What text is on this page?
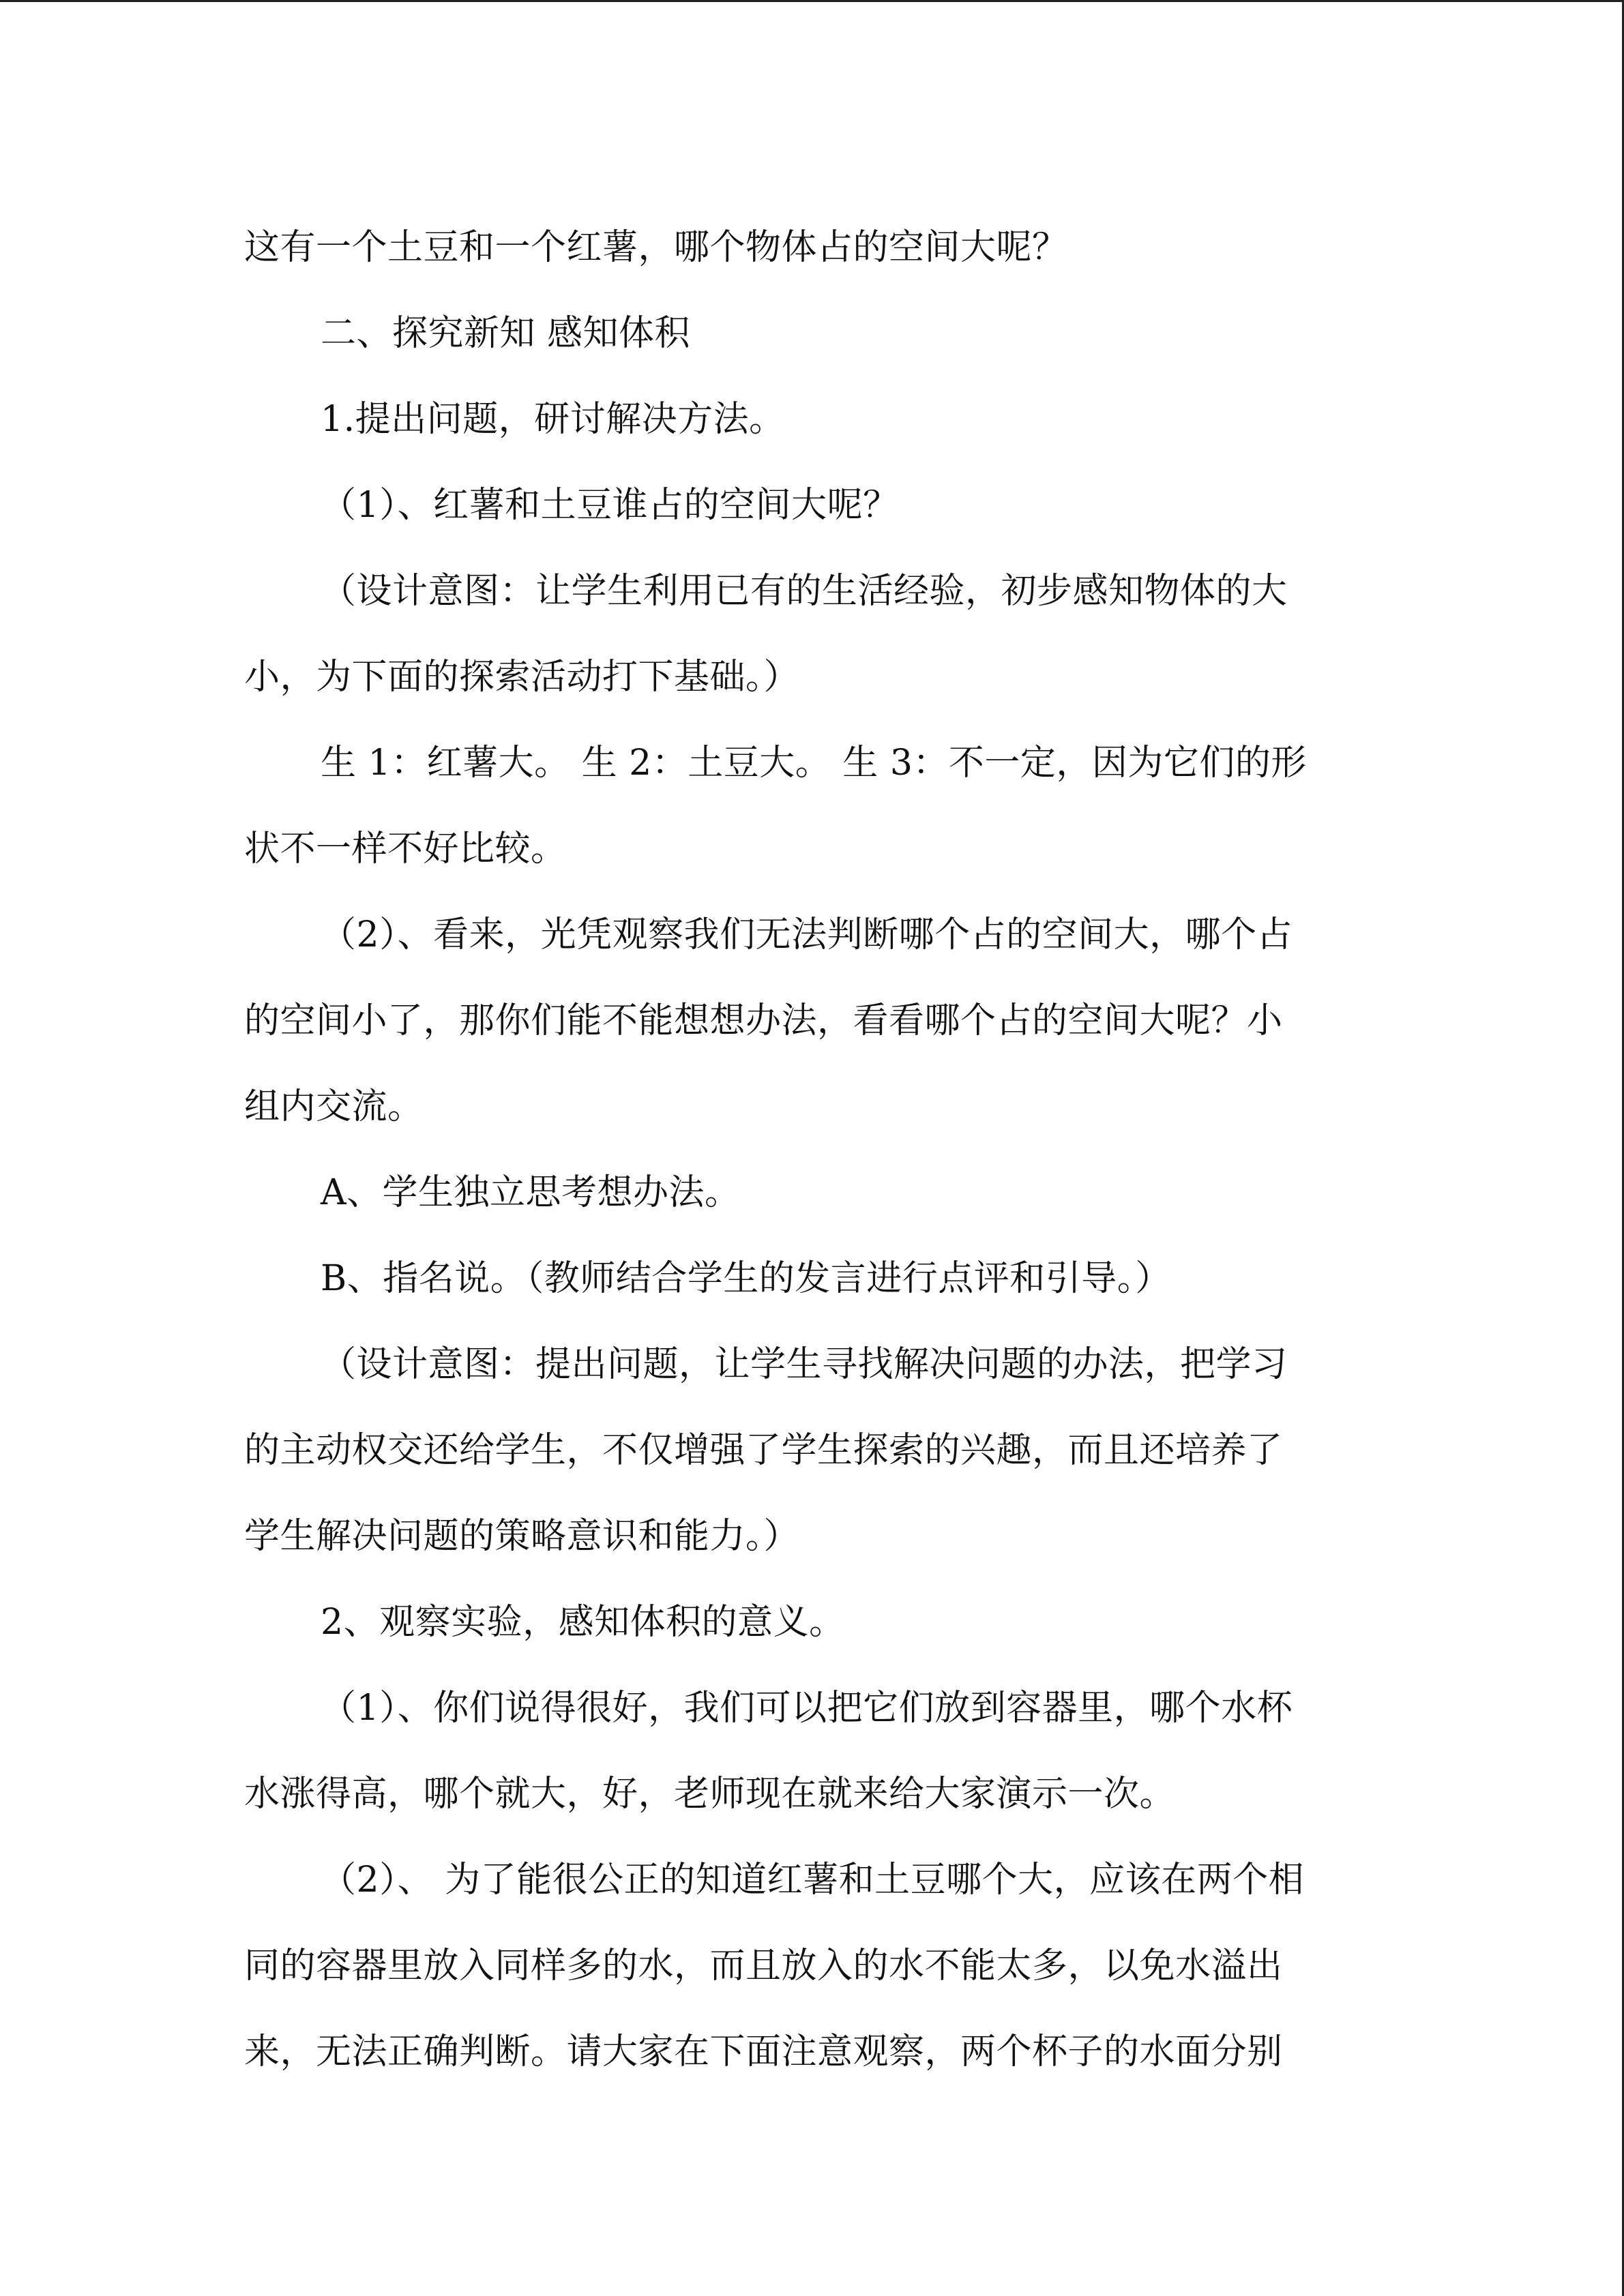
这有一个土豆和一个红薯，哪个物体占的空间大呢？
二、探究新知 感知体积
1.提出问题，研讨解决方法。
（1）、红薯和土豆谁占的空间大呢？
（设计意图：让学生利用已有的生活经验，初步感知物体的大
小，为下面的探索活动打下基础。）
生 1：红薯大。 生 2：土豆大。 生 3：不一定，因为它们的形
状不一样不好比较。
（2）、看来，光凭观察我们无法判断哪个占的空间大，哪个占
的空间小了，那你们能不能想想办法，看看哪个占的空间大呢？小
组内交流。
A、学生独立思考想办法。
B、指名说。（教师结合学生的发言进行点评和引导。）
（设计意图：提出问题，让学生寻找解决问题的办法，把学习
的主动权交还给学生，不仅增强了学生探索的兴趣，而且还培养了
学生解决问题的策略意识和能力。）
2、观察实验，感知体积的意义。
（1）、你们说得很好，我们可以把它们放到容器里，哪个水杯
水涨得高，哪个就大，好，老师现在就来给大家演示一次。
（2）、 为了能很公正的知道红薯和土豆哪个大，应该在两个相
同的容器里放入同样多的水，而且放入的水不能太多，以免水溢出
来，无法正确判断。请大家在下面注意观察，两个杯子的水面分别
